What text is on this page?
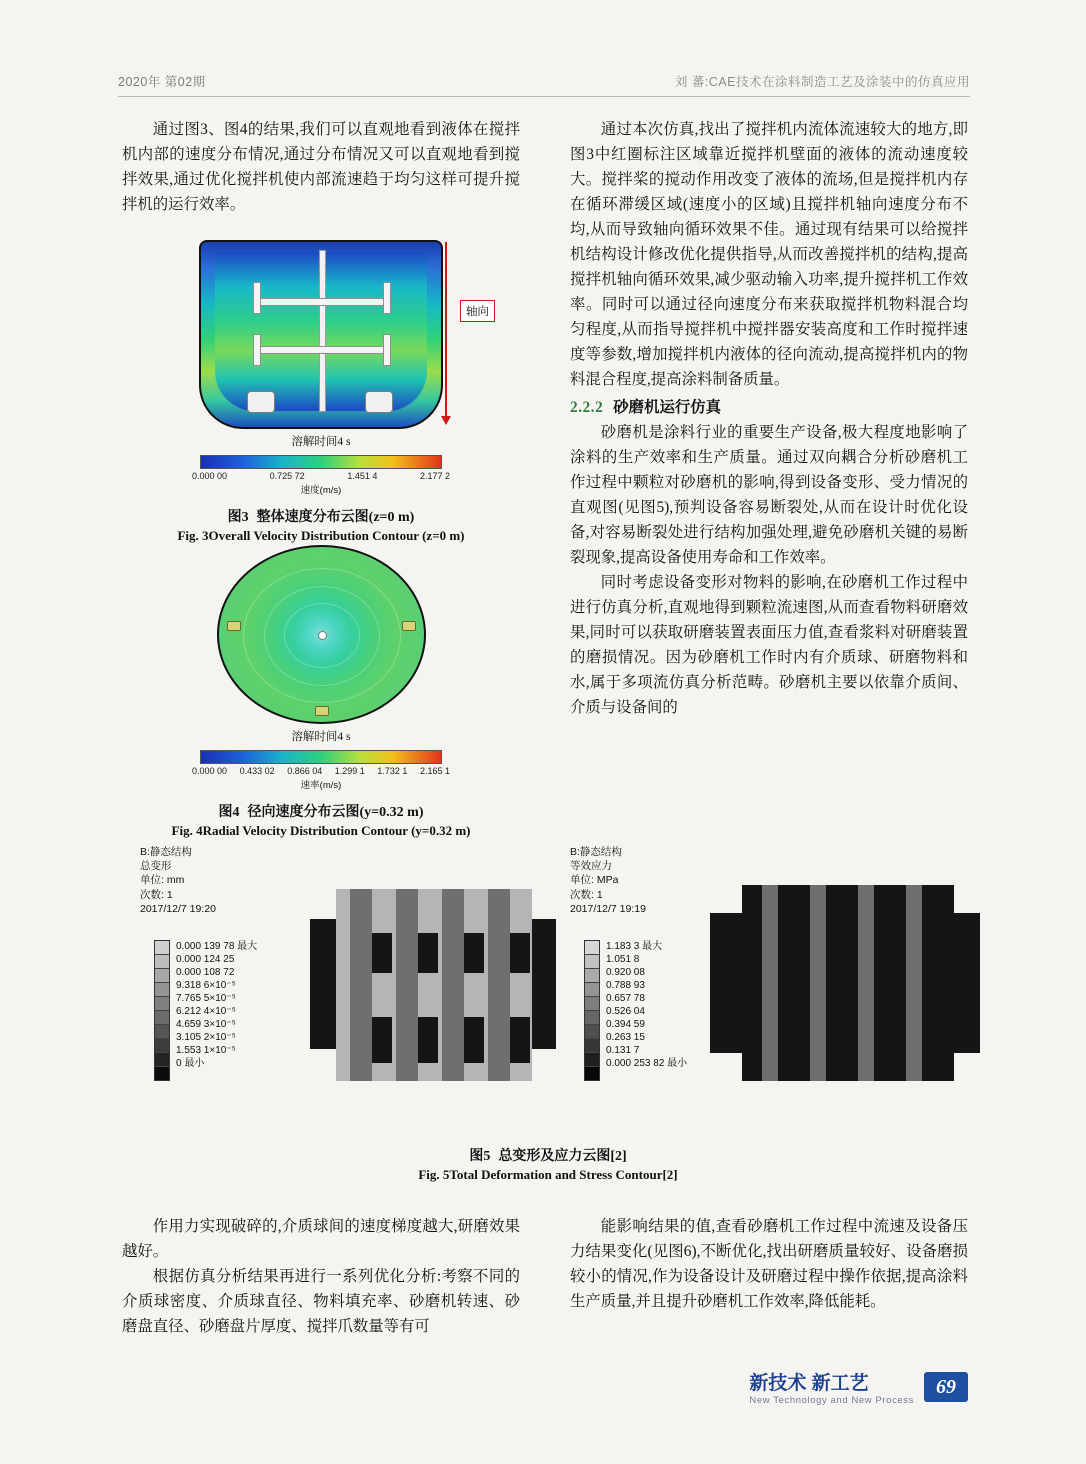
2020年 第02期	刘 蕃:CAE技术在涂料制造工艺及涂装中的仿真应用

通过图3、图4的结果,我们可以直观地看到液体在搅拌机内部的速度分布情况,通过分布情况又可以直观地看到搅拌效果,通过优化搅拌机使内部流速趋于均匀这样可提升搅拌机的运行效率。

通过本次仿真,找出了搅拌机内流体流速较大的地方,即图3中红圈标注区域靠近搅拌机壁面的液体的流动速度较大。搅拌桨的搅动作用改变了液体的流场,但是搅拌机内存在循环滞缓区域(速度小的区域)且搅拌机轴向速度分布不均,从而导致轴向循环效果不佳。通过现有结果可以给搅拌机结构设计修改优化提供指导,从而改善搅拌机的结构,提高搅拌机轴向循环效果,减少驱动输入功率,提升搅拌机工作效率。同时可以通过径向速度分布来获取搅拌机物料混合均匀程度,从而指导搅拌机中搅拌器安装高度和工作时搅拌速度等参数,增加搅拌机内液体的径向流动,提高搅拌机内的物料混合程度,提高涂料制备质量。

2.2.2 砂磨机运行仿真

砂磨机是涂料行业的重要生产设备,极大程度地影响了涂料的生产效率和生产质量。通过双向耦合分析砂磨机工作过程中颗粒对砂磨机的影响,得到设备变形、受力情况的直观图(见图5),预判设备容易断裂处,从而在设计时优化设备,对容易断裂处进行结构加强处理,避免砂磨机关键的易断裂现象,提高设备使用寿命和工作效率。

同时考虑设备变形对物料的影响,在砂磨机工作过程中进行仿真分析,直观地得到颗粒流速图,从而查看物料研磨效果,同时可以获取研磨装置表面压力值,查看浆料对研磨装置的磨损情况。因为砂磨机工作时内有介质球、研磨物料和水,属于多项流仿真分析范畴。砂磨机主要以依靠介质间、介质与设备间的

轴向
溶解时间4 s
0.000 00	0.725 72	1.451 4	2.177 2
速度(m/s)
图3 整体速度分布云图(z=0 m)
Fig. 3Overall Velocity Distribution Contour (z=0 m)
溶解时间4 s
0.000 00 0.433 02 0.866 04 1.299 1 1.732 1 2.165 1
速率(m/s)
图4 径向速度分布云图(y=0.32 m)
Fig. 4Radial Velocity Distribution Contour (y=0.32 m)
B:静态结构
总变形
单位: mm
次数: 1
2017/12/7 19:20
0.000 139 78 最大
0.000 124 25
0.000 108 72
9.318 6×10⁻⁵
7.765 5×10⁻⁵
6.212 4×10⁻⁵
4.659 3×10⁻⁵
3.105 2×10⁻⁵
1.553 1×10⁻⁵
0 最小
B:静态结构
等效应力
单位: MPa
次数: 1
2017/12/7 19:19
1.183 3 最大
1.051 8
0.920 08
0.788 93
0.657 78
0.526 04
0.394 59
0.263 15
0.131 7
0.000 253 82 最小
图5 总变形及应力云图[2]
Fig. 5Total Deformation and Stress Contour[2]

作用力实现破碎的,介质球间的速度梯度越大,研磨效果越好。

根据仿真分析结果再进行一系列优化分析:考察不同的介质球密度、介质球直径、物料填充率、砂磨机转速、砂磨盘直径、砂磨盘片厚度、搅拌爪数量等有可

能影响结果的值,查看砂磨机工作过程中流速及设备压力结果变化(见图6),不断优化,找出研磨质量较好、设备磨损较小的情况,作为设备设计及研磨过程中操作依据,提高涂料生产质量,并且提升砂磨机工作效率,降低能耗。

新技术 新工艺
New Technology and New Process
69
